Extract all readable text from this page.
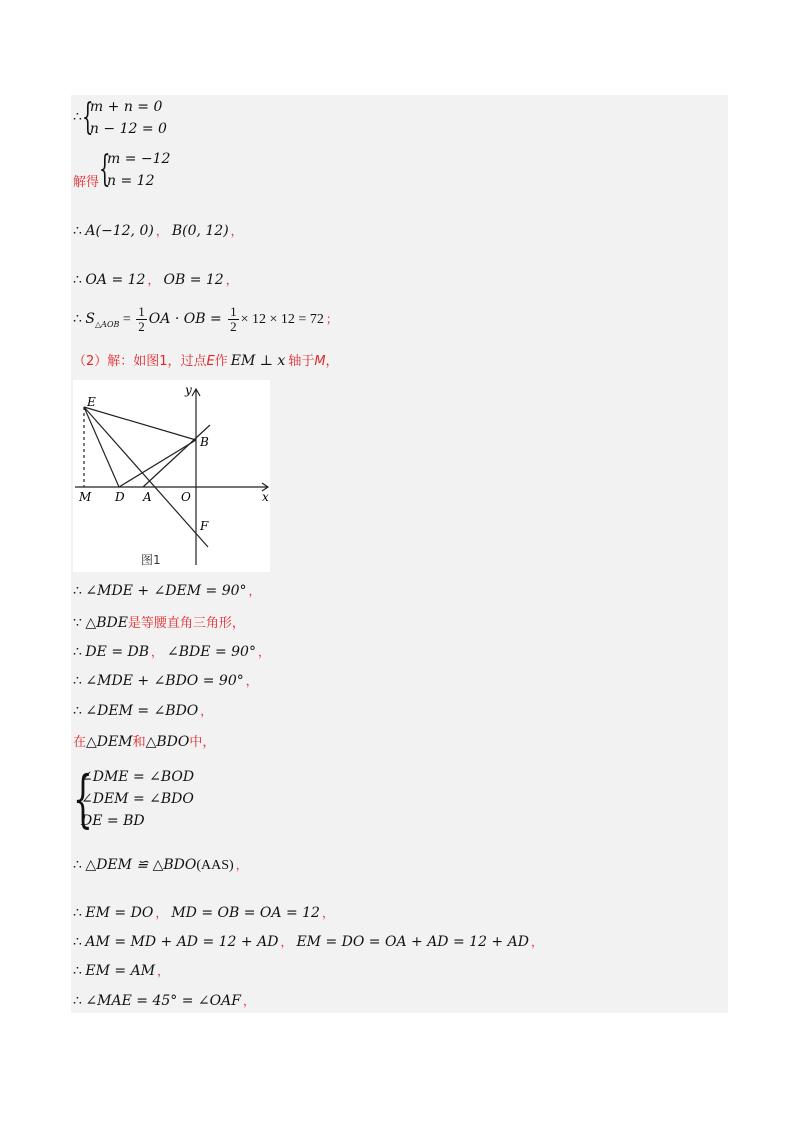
∴ {
m + n = 0
n − 12 = 0
解得 {
m = −12
n = 12
∴ A(−12, 0) ， B(0, 12) ，
∴ OA = 12 ， OB = 12 ，
∴ $S_{\triangle AOB} = \frac{1}{2}$ OA · OB = $\frac{1}{2} \times 12 \times 12 = 72$ ；
（2）解：如图1，过点E作 EM ⊥ x 轴于M，
E
B
M D A O
F
x
y
图1
∴ ∠MDE + ∠DEM = 90° ，
∵ △BDE是等腰直角三角形，
∴ DE = DB ， ∠BDE = 90° ，
∴ ∠MDE + ∠BDO = 90° ，
∴ ∠DEM = ∠BDO ，
在△DEM和△BDO中，
{
∠DME = ∠BOD
∠DEM = ∠BDO
DE = BD
∴ △DEM ≌ △BDO(AAS) ，
∴ EM = DO ， MD = OB = OA = 12 ，
∴ AM = MD + AD = 12 + AD ， EM = DO = OA + AD = 12 + AD ，
∴ EM = AM ，
∴ ∠MAE = 45° = ∠OAF ，
